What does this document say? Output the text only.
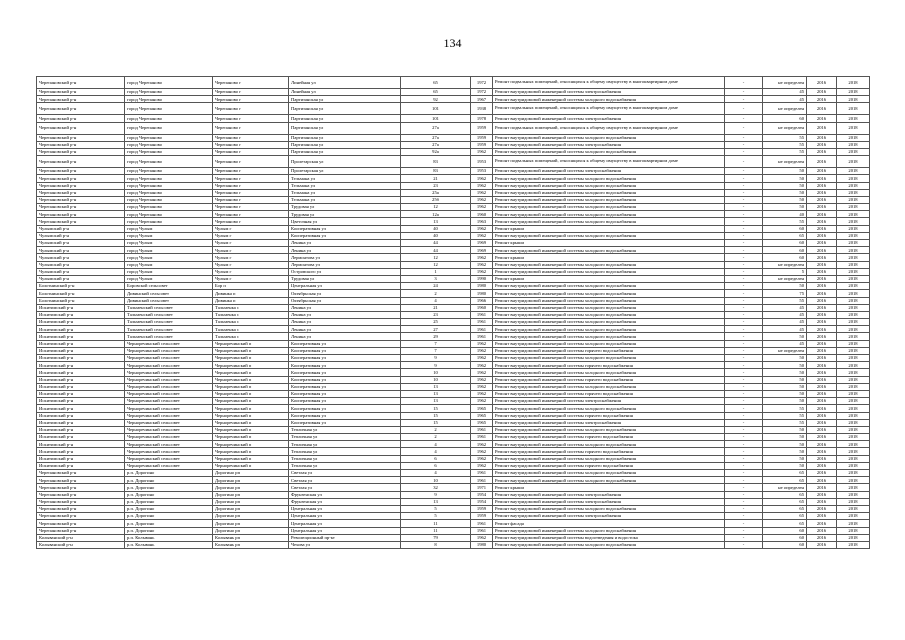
134
Черепановский р-н	город Черепаново	Черепаново г	Линейная ул	65	1972	Ремонт подвальных помещений, относящихся к общему имуществу в многоквартирном доме	-	не определен	2016	2018
Черепановский р-н	город Черепаново	Черепаново г	Линейная ул	65	1972	Ремонт внутридомовой инженерной системы электроснабжения	-	45	2016	2018
Черепановский р-н	город Черепаново	Черепаново г	Партизанская ул	92	1967	Ремонт внутридомовой инженерной системы холодного водоснабжения	-	45	2016	2018
Черепановский р-н	город Черепаново	Черепаново г	Партизанская ул	101	1938	Ремонт подвальных помещений, относящихся к общему имуществу в многоквартирном доме	-	не определен	2016	2018
Черепановский р-н	город Черепаново	Черепаново г	Партизанская ул	101	1978	Ремонт внутридомовой инженерной системы электроснабжения	-	60	2016	2018
Черепановский р-н	город Черепаново	Черепаново г	Партизанская ул	27а	1959	Ремонт подвальных помещений, относящихся к общему имуществу в многоквартирном доме	-	не определен	2016	2018
Черепановский р-н	город Черепаново	Черепаново г	Партизанская ул	27а	1959	Ремонт внутридомовой инженерной системы холодного водоснабжения	-	55	2016	2018
Черепановский р-н	город Черепаново	Черепаново г	Партизанская ул	27а	1959	Ремонт внутридомовой инженерной системы электроснабжения	-	55	2016	2018
Черепановский р-н	город Черепаново	Черепаново г	Партизанская ул	92а	1962	Ремонт внутридомовой инженерной системы холодного водоснабжения	-	55	2016	2018
Черепановский р-н	город Черепаново	Черепаново г	Пролетарская ул	83	1953	Ремонт подвальных помещений, относящихся к общему имуществу в многоквартирном доме	-	не определен	2016	2018
Черепановский р-н	город Черепаново	Черепаново г	Пролетарская ул	83	1953	Ремонт внутридомовой инженерной системы электроснабжения	-	50	2016	2018
Черепановский р-н	город Черепаново	Черепаново г	Тельмана ул	21	1962	Ремонт внутридомовой инженерной системы холодного водоснабжения	-	50	2016	2018
Черепановский р-н	город Черепаново	Черепаново г	Тельмана ул	23	1962	Ремонт внутридомовой инженерной системы холодного водоснабжения	-	50	2016	2018
Черепановский р-н	город Черепаново	Черепаново г	Тельмана ул	25а	1962	Ремонт внутридомовой инженерной системы холодного водоснабжения	-	50	2016	2018
Черепановский р-н	город Черепаново	Черепаново г	Тельмана ул	25б	1962	Ремонт внутридомовой инженерной системы холодного водоснабжения	-	50	2016	2018
Черепановский р-н	город Черепаново	Черепаново г	Трудовая ул	12	1962	Ремонт внутридомовой инженерной системы холодного водоснабжения	-	50	2016	2018
Черепановский р-н	город Черепаново	Черепаново г	Трудовая ул	12а	1960	Ремонт внутридомовой инженерной системы холодного водоснабжения	-	40	2016	2018
Черепановский р-н	город Черепаново	Черепаново г	Цветочная ул	13	1963	Ремонт внутридомовой инженерной системы холодного водоснабжения	-	55	2016	2018
Чулымский р-н	город Чулым	Чулым г	Кооперативная ул	40	1962	Ремонт крыши	-	60	2016	2018
Чулымский р-н	город Чулым	Чулым г	Кооперативная ул	40	1962	Ремонт внутридомовой инженерной системы холодного водоснабжения	-	65	2016	2018
Чулымский р-н	город Чулым	Чулым г	Ленина ул	44	1969	Ремонт крыши	-	60	2016	2018
Чулымский р-н	город Чулым	Чулым г	Ленина ул	44	1969	Ремонт внутридомовой инженерной системы холодного водоснабжения	-	60	2016	2018
Чулымский р-н	город Чулым	Чулым г	Лермонтова ул	12	1962	Ремонт крыши	-	60	2016	2018
Чулымский р-н	город Чулым	Чулым г	Лермонтова ул	12	1962	Ремонт внутридомовой инженерной системы холодного водоснабжения	-	не определен	2016	2018
Чулымский р-н	город Чулым	Чулым г	Островского ул	1	1962	Ремонт внутридомовой инженерной системы холодного водоснабжения	-	5	2016	2018
Чулымский р-н	город Чулым	Чулым г	Трудовая ул	3	1990	Ремонт крыши	-	не определен	2016	2018
Болотнинский р-н	Боровской сельсовет	Бор п	Центральная ул	24	1980	Ремонт внутридомовой инженерной системы холодного водоснабжения	-	50	2016	2018
Болотнинский р-н	Дивинский сельсовет	Дивинка п	Октябрьская ул	2	1980	Ремонт внутридомовой инженерной системы холодного водоснабжения	-	75	2016	2018
Болотнинский р-н	Дивинский сельсовет	Дивинка п	Октябрьская ул	4	1966	Ремонт внутридомовой инженерной системы холодного водоснабжения	-	55	2016	2018
Искитимский р-н	Тальменский сельсовет	Тальменка с	Ленина ул	21	1960	Ремонт внутридомовой инженерной системы холодного водоснабжения	-	45	2016	2018
Искитимский р-н	Тальменский сельсовет	Тальменка с	Ленина ул	23	1961	Ремонт внутридомовой инженерной системы холодного водоснабжения	-	45	2016	2018
Искитимский р-н	Тальменский сельсовет	Тальменка с	Ленина ул	25	1961	Ремонт внутридомовой инженерной системы холодного водоснабжения	-	45	2016	2018
Искитимский р-н	Тальменский сельсовет	Тальменка с	Ленина ул	27	1961	Ремонт внутридомовой инженерной системы холодного водоснабжения	-	45	2016	2018
Искитимский р-н	Тальменский сельсовет	Тальменка с	Ленина ул	29	1961	Ремонт внутридомовой инженерной системы холодного водоснабжения	-	50	2016	2018
Искитимский р-н	Черноречинский сельсовет	Черноречинский п	Кооперативная ул	7	1962	Ремонт внутридомовой инженерной системы холодного водоснабжения	-	45	2016	2018
Искитимский р-н	Черноречинский сельсовет	Черноречинский п	Кооперативная ул	7	1962	Ремонт внутридомовой инженерной системы горячего водоснабжения	-	не определен	2016	2018
Искитимский р-н	Черноречинский сельсовет	Черноречинский п	Кооперативная ул	9	1962	Ремонт внутридомовой инженерной системы холодного водоснабжения	-	50	2016	2018
Искитимский р-н	Черноречинский сельсовет	Черноречинский п	Кооперативная ул	9	1962	Ремонт внутридомовой инженерной системы горячего водоснабжения	-	50	2016	2018
Искитимский р-н	Черноречинский сельсовет	Черноречинский п	Кооперативная ул	10	1962	Ремонт внутридомовой инженерной системы холодного водоснабжения	-	50	2016	2018
Искитимский р-н	Черноречинский сельсовет	Черноречинский п	Кооперативная ул	10	1962	Ремонт внутридомовой инженерной системы горячего водоснабжения	-	50	2016	2018
Искитимский р-н	Черноречинский сельсовет	Черноречинский п	Кооперативная ул	13	1962	Ремонт внутридомовой инженерной системы холодного водоснабжения	-	50	2016	2018
Искитимский р-н	Черноречинский сельсовет	Черноречинский п	Кооперативная ул	13	1962	Ремонт внутридомовой инженерной системы горячего водоснабжения	-	50	2016	2018
Искитимский р-н	Черноречинский сельсовет	Черноречинский п	Кооперативная ул	13	1962	Ремонт внутридомовой инженерной системы электроснабжения	-	50	2016	2018
Искитимский р-н	Черноречинский сельсовет	Черноречинский п	Кооперативная ул	15	1965	Ремонт внутридомовой инженерной системы холодного водоснабжения	-	55	2016	2018
Искитимский р-н	Черноречинский сельсовет	Черноречинский п	Кооперативная ул	15	1965	Ремонт внутридомовой инженерной системы горячего водоснабжения	-	55	2016	2018
Искитимский р-н	Черноречинский сельсовет	Черноречинский п	Кооперативная ул	15	1965	Ремонт внутридомовой инженерной системы электроснабжения	-	55	2016	2018
Искитимский р-н	Черноречинский сельсовет	Черноречинский п	Тепличная ул	2	1961	Ремонт внутридомовой инженерной системы холодного водоснабжения	-	50	2016	2018
Искитимский р-н	Черноречинский сельсовет	Черноречинский п	Тепличная ул	2	1961	Ремонт внутридомовой инженерной системы горячего водоснабжения	-	50	2016	2018
Искитимский р-н	Черноречинский сельсовет	Черноречинский п	Тепличная ул	4	1962	Ремонт внутридомовой инженерной системы холодного водоснабжения	-	50	2016	2018
Искитимский р-н	Черноречинский сельсовет	Черноречинский п	Тепличная ул	4	1962	Ремонт внутридомовой инженерной системы горячего водоснабжения	-	50	2016	2018
Искитимский р-н	Черноречинский сельсовет	Черноречинский п	Тепличная ул	6	1962	Ремонт внутридомовой инженерной системы холодного водоснабжения	-	50	2016	2018
Искитимский р-н	Черноречинский сельсовет	Черноречинский п	Тепличная ул	6	1962	Ремонт внутридомовой инженерной системы горячего водоснабжения	-	50	2016	2018
Черепановский р-н	р.п. Дорогино	Дорогино рп	Светлая ул	4	1961	Ремонт внутридомовой инженерной системы холодного водоснабжения	-	65	2016	2018
Черепановский р-н	р.п. Дорогино	Дорогино рп	Светлая ул	10	1961	Ремонт внутридомовой инженерной системы холодного водоснабжения	-	65	2016	2018
Черепановский р-н	р.п. Дорогино	Дорогино рп	Светлая ул	32	1971	Ремонт крыши	-	не определен	2016	2018
Черепановский р-н	р.п. Дорогино	Дорогино рп	Фрунзенская ул	9	1954	Ремонт внутридомовой инженерной системы электроснабжения	-	65	2016	2018
Черепановский р-н	р.п. Дорогино	Дорогино рп	Фрунзенская ул	13	1954	Ремонт внутридомовой инженерной системы электроснабжения	-	65	2016	2018
Черепановский р-н	р.п. Дорогино	Дорогино рп	Центральная ул	5	1959	Ремонт внутридомовой инженерной системы холодного водоснабжения	-	65	2016	2018
Черепановский р-н	р.п. Дорогино	Дорогино рп	Центральная ул	5	1959	Ремонт внутридомовой инженерной системы электроснабжения	-	65	2016	2018
Черепановский р-н	р.п. Дорогино	Дорогино рп	Центральная ул	11	1961	Ремонт фасада	-	65	2016	2018
Черепановский р-н	р.п. Дорогино	Дорогино рп	Центральная ул	11	1961	Ремонт внутридомовой инженерной системы холодного водоснабжения	-	60	2016	2018
Колыванский р-н	р.п. Колывань	Колывань рп	Революционный пр-кт	79	1962	Ремонт внутридомовой инженерной системы водоотведения и водостока	-	60	2016	2018
Колыванский р-н	р.п. Колывань	Колывань рп	Чехова ул	8	1980	Ремонт внутридомовой инженерной системы холодного водоснабжения	-	60	2016	2018
